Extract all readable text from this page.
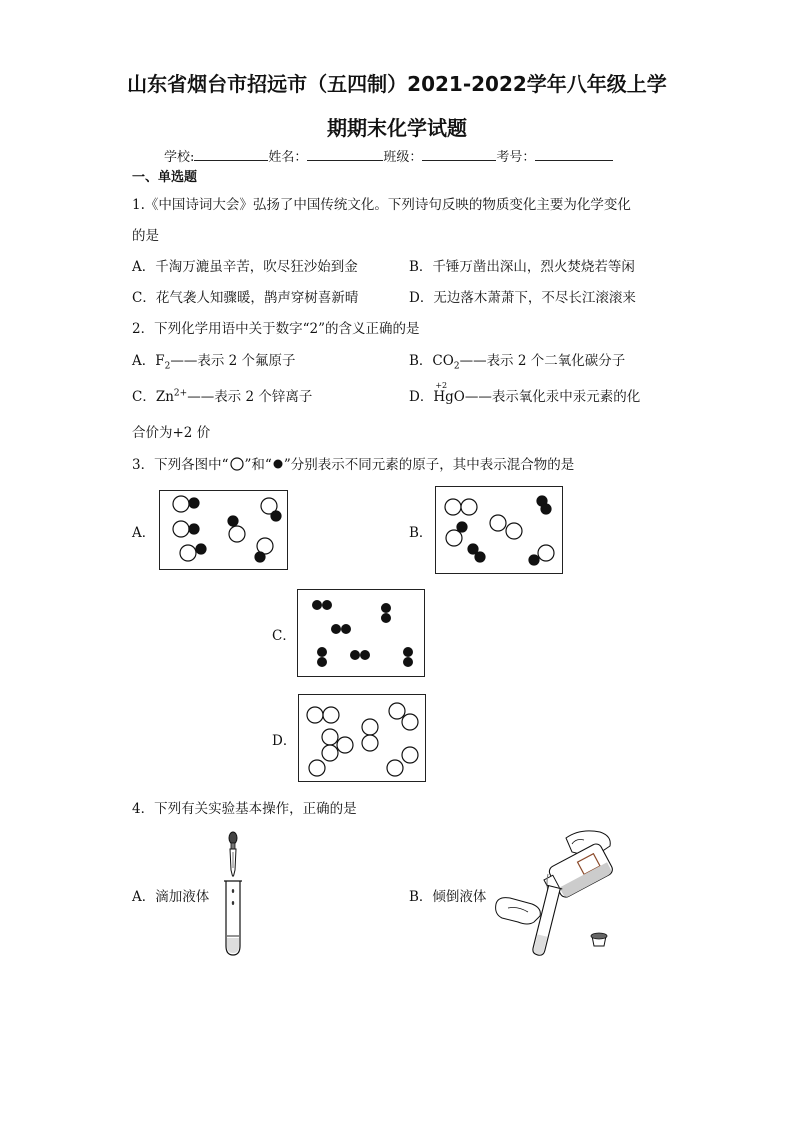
山东省烟台市招远市（五四制）2021-2022学年八年级上学
期期末化学试题
学校:	姓名：	班级：	考号：
一、单选题
1.《中国诗词大会》弘扬了中国传统文化。下列诗句反映的物质变化主要为化学变化
的是
A．千淘万漉虽辛苦，吹尽狂沙始到金	B．千锤万凿出深山，烈火焚烧若等闲
C．花气袭人知骤暖，鹊声穿树喜新晴	D．无边落木萧萧下，不尽长江滚滚来
2．下列化学用语中关于数字“2”的含义正确的是
A．$F_2——$表示 2 个氟原子	B．$CO_2——$表示 2 个二氧化碳分子
C．$Zn^{2+}——$表示 2 个锌离子	D．
+2
HgO——表示氧化汞中汞元素的化
合价为+2 价
3．下列各图中“ ”和“ ”分别表示不同元素的原子，其中表示混合物的是
A．	B．
C．
D．
4．下列有关实验基本操作，正确的是
A．滴加液体	B．倾倒液体
